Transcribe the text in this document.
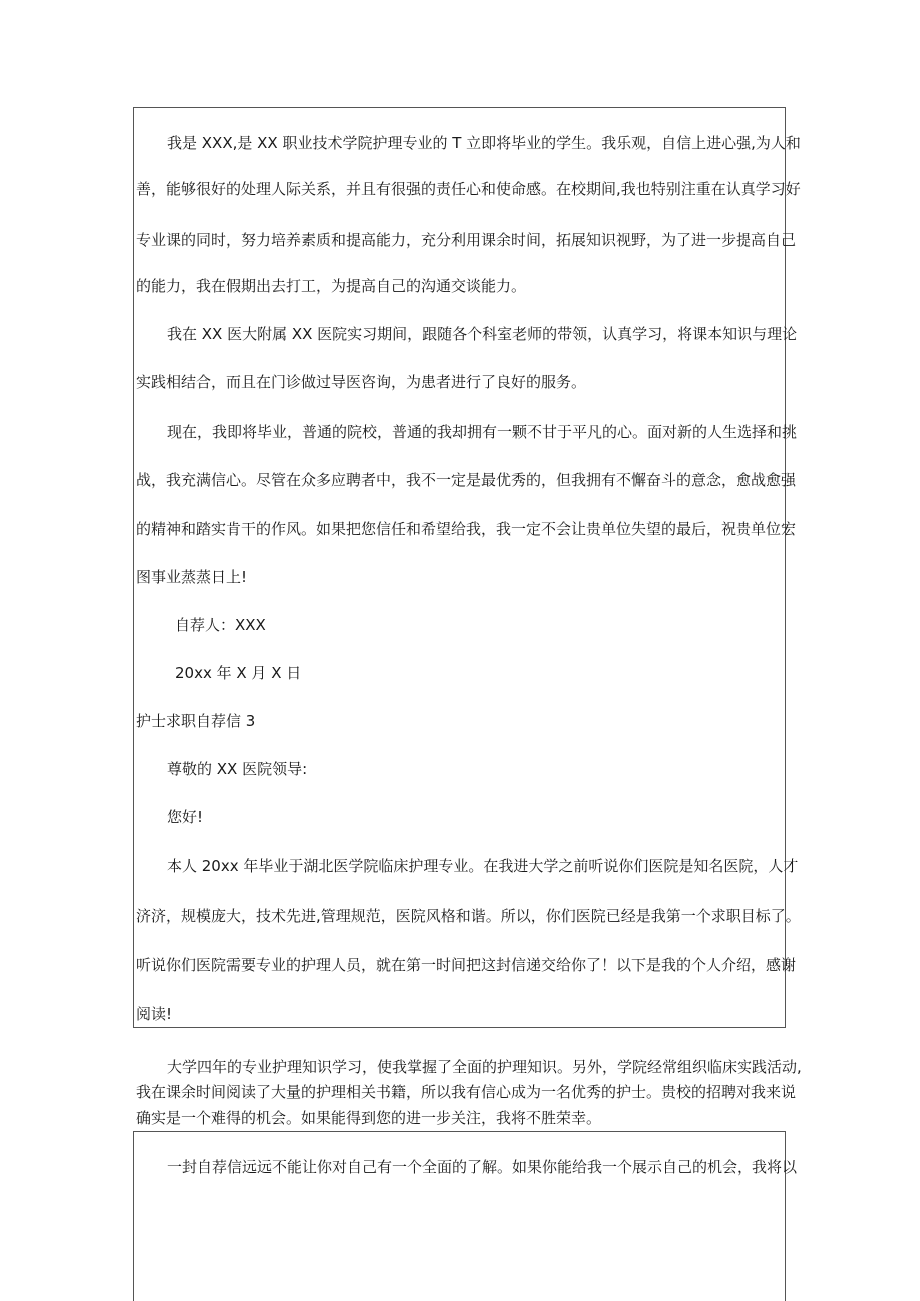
我是 XXX,是 XX 职业技术学院护理专业的 T 立即将毕业的学生。我乐观，自信上进心强,为人和
善，能够很好的处理人际关系，并且有很强的责任心和使命感。在校期间,我也特别注重在认真学习好
专业课的同时，努力培养素质和提高能力，充分利用课余时间，拓展知识视野，为了进一步提高自己
的能力，我在假期出去打工，为提高自己的沟通交谈能力。
我在 XX 医大附属 XX 医院实习期间，跟随各个科室老师的带领，认真学习，将课本知识与理论
实践相结合，而且在门诊做过导医咨询，为患者进行了良好的服务。
现在，我即将毕业，普通的院校，普通的我却拥有一颗不甘于平凡的心。面对新的人生选择和挑
战，我充满信心。尽管在众多应聘者中，我不一定是最优秀的，但我拥有不懈奋斗的意念，愈战愈强
的精神和踏实肯干的作风。如果把您信任和希望给我，我一定不会让贵单位失望的最后，祝贵单位宏
图事业蒸蒸日上!
自荐人：XXX
20xx 年 X 月 X 日
护士求职自荐信 3
尊敬的 XX 医院领导:
您好!
本人 20xx 年毕业于湖北医学院临床护理专业。在我进大学之前听说你们医院是知名医院，人才
济济，规模庞大，技术先进,管理规范，医院风格和谐。所以，你们医院已经是我第一个求职目标了。
听说你们医院需要专业的护理人员，就在第一时间把这封信递交给你了！以下是我的个人介绍，感谢
阅读!
大学四年的专业护理知识学习，使我掌握了全面的护理知识。另外，学院经常组织临床实践活动,
我在课余时间阅读了大量的护理相关书籍，所以我有信心成为一名优秀的护士。贵校的招聘对我来说
确实是一个难得的机会。如果能得到您的进一步关注，我将不胜荣幸。
一封自荐信远远不能让你对自己有一个全面的了解。如果你能给我一个展示自己的机会，我将以
